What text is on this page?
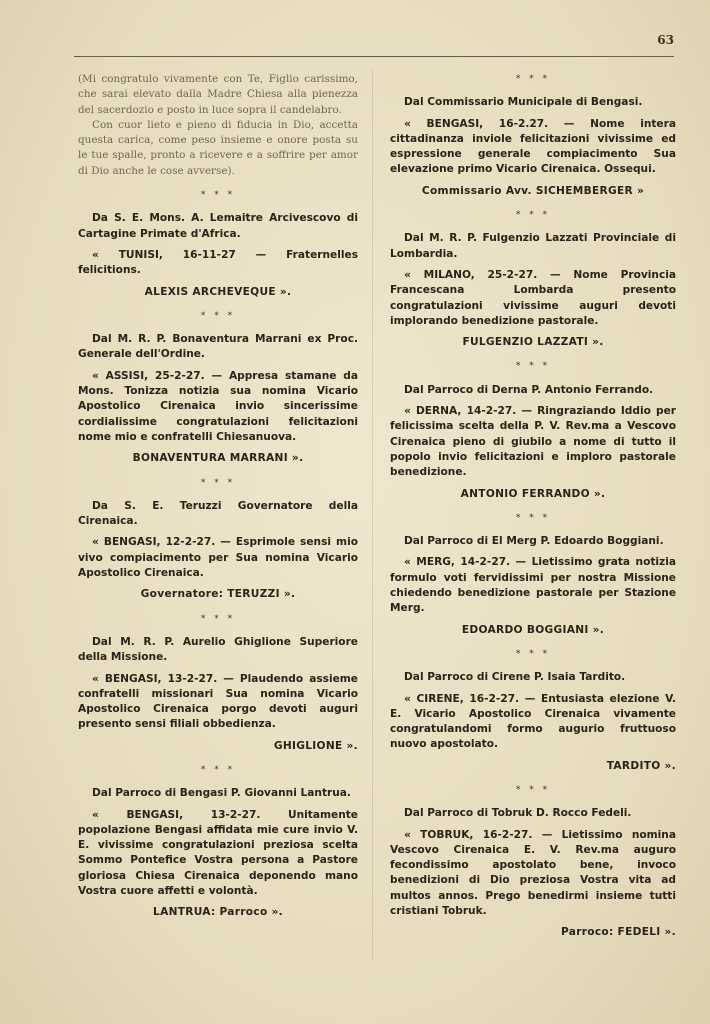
63

(Mi congratulo vivamente con Te, Figlio carissimo, che sarai elevato dalla Madre Chiesa alla pienezza del sacerdozio e posto in luce sopra il candelabro.

Con cuor lieto e pieno di fiducia in Dio, accetta questa carica, come peso insieme e onore posta su le tue spalle, pronto a ricevere e a soffrire per amor di Dio anche le cose avverse).

* * *

Da S. E. Mons. A. Lemaitre Arcivescovo di Cartagine Primate d'Africa.

« TUNISI, 16-11-27 — Fraternelles felicitions.

ALEXIS ARCHEVEQUE ».

* * *

Dal M. R. P. Bonaventura Marrani ex Proc. Generale dell'Ordine.

« ASSISI, 25-2-27. — Appresa stamane da Mons. Tonizza notizia sua nomina Vicario Apostolico Cirenaica invio sincerissime cordialissime congratulazioni felicitazioni nome mio e confratelli Chiesanuova.

BONAVENTURA MARRANI ».

* * *

Da S. E. Teruzzi Governatore della Cirenaica.

« BENGASI, 12-2-27. — Esprimole sensi mio vivo compiacimento per Sua nomina Vicario Apostolico Cirenaica.

Governatore: TERUZZI ».

* * *

Dal M. R. P. Aurelio Ghiglione Superiore della Missione.

« BENGASI, 13-2-27. — Plaudendo assieme confratelli missionari Sua nomina Vicario Apostolico Cirenaica porgo devoti auguri presento sensi filiali obbedienza.

GHIGLIONE ».

* * *

Dal Parroco di Bengasi P. Giovanni Lantrua.

« BENGASI, 13-2-27. Unitamente popolazione Bengasi affidata mie cure invio V. E. vivissime congratulazioni preziosa scelta Sommo Pontefice Vostra persona a Pastore gloriosa Chiesa Cirenaica deponendo mano Vostra cuore affetti e volontà.

LANTRUA: Parroco ».

* * *

Dal Commissario Municipale di Bengasi.

« BENGASI, 16-2.27. — Nome intera cittadinanza inviole felicitazioni vivissime ed espressione generale compiacimento Sua elevazione primo Vicario Cirenaica. Ossequi.

Commissario Avv. SICHEMBERGER »

* * *

Dal M. R. P. Fulgenzio Lazzati Provinciale di Lombardia.

« MILANO, 25-2-27. — Nome Provincia Francescana Lombarda presento congratulazioni vivissime auguri devoti implorando benedizione pastorale.

FULGENZIO LAZZATI ».

* * *

Dal Parroco di Derna P. Antonio Ferrando.

« DERNA, 14-2-27. — Ringraziando Iddio per felicissima scelta della P. V. Rev.ma a Vescovo Cirenaica pieno di giubilo a nome di tutto il popolo invio felicitazioni e imploro pastorale benedizione.

ANTONIO FERRANDO ».

* * *

Dal Parroco di El Merg P. Edoardo Boggiani.

« MERG, 14-2-27. — Lietissimo grata notizia formulo voti fervidissimi per nostra Missione chiedendo benedizione pastorale per Stazione Merg.

EDOARDO BOGGIANI ».

* * *

Dal Parroco di Cirene P. Isaia Tardito.

« CIRENE, 16-2-27. — Entusiasta elezione V. E. Vicario Apostolico Cirenaica vivamente congratulandomi formo augurio fruttuoso nuovo apostolato.

TARDITO ».

* * *

Dal Parroco di Tobruk D. Rocco Fedeli.

« TOBRUK, 16-2-27. — Lietissimo nomina Vescovo Cirenaica E. V. Rev.ma auguro fecondissimo apostolato bene, invoco benedizioni di Dio preziosa Vostra vita ad multos annos. Prego benedirmi insieme tutti cristiani Tobruk.

Parroco: FEDELI ».
